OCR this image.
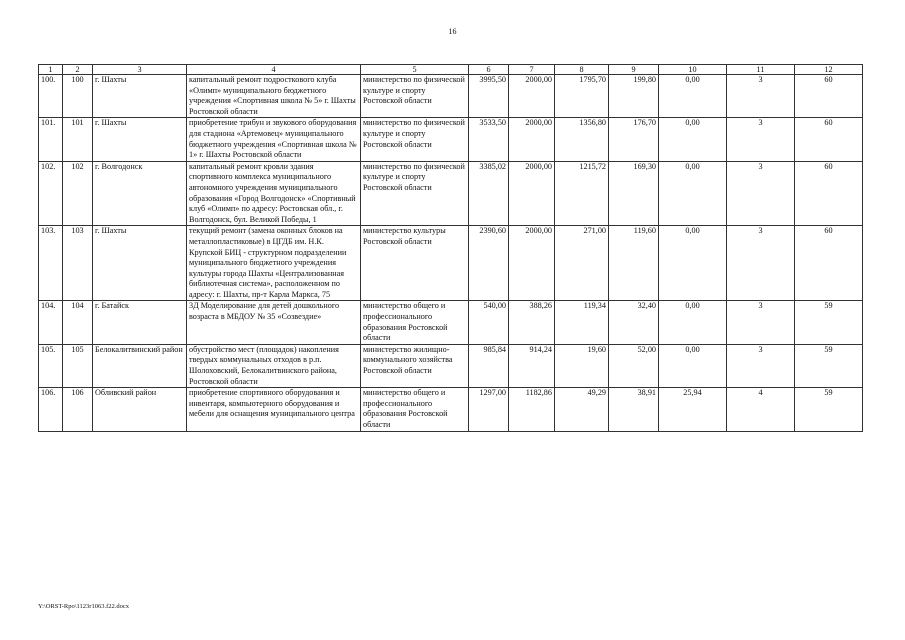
16
1	2	3	4	5	6	7	8	9	10	11	12
100.	100	г. Шахты	капитальный ремонт подросткового клуба «Олимп» муниципального бюджетного учреждения «Спортивная школа № 5» г. Шахты Ростовской области	министерство по физической культуре и спорту Ростовской области	3995,50	2000,00	1795,70	199,80	0,00	3	60
101.	101	г. Шахты	приобретение трибун и звукового оборудования для стадиона «Артемовец» муниципального бюджетного учреждения «Спортивная школа № 1» г. Шахты Ростовской области	министерство по физической культуре и спорту Ростовской области	3533,50	2000,00	1356,80	176,70	0,00	3	60
102.	102	г. Волгодонск	капитальный ремонт кровли здания спортивного комплекса муниципального автономного учреждения муниципального образования «Город Волгодонск» «Спортивный клуб «Олимп» по адресу: Ростовская обл., г. Волгодонск, бул. Великой Победы, 1	министерство по физической культуре и спорту Ростовской области	3385,02	2000,00	1215,72	169,30	0,00	3	60
103.	103	г. Шахты	текущий ремонт (замена оконных блоков на металлопластиковые) в ЦГДБ им. Н.К. Крупской БИЦ - структурном подразделении муниципального бюджетного учреждения культуры города Шахты «Централизованная библиотечная система», расположенном по адресу: г. Шахты, пр-т Карла Маркса, 75	министерство культуры Ростовской области	2390,60	2000,00	271,00	119,60	0,00	3	60
104.	104	г. Батайск	3Д Моделирование для детей дошкольного возраста в МБДОУ № 35 «Созвездие»	министерство общего и профессионального образования Ростовской области	540,00	388,26	119,34	32,40	0,00	3	59
105.	105	Белокалитвинский район	обустройство мест (площадок) накопления твердых коммунальных отходов в р.п. Шолоховский, Белокалитвинского района, Ростовской области	министерство жилищно-коммунального хозяйства Ростовской области	985,84	914,24	19,60	52,00	0,00	3	59
106.	106	Обливский район	приобретение спортивного оборудования и инвентаря, компьютерного оборудования и мебели для оснащения муниципального центра	министерство общего и профессионального образования Ростовской области	1297,00	1182,86	49,29	38,91	25,94	4	59
Y:\ORST-Rpo\1123r1063.f22.docx
